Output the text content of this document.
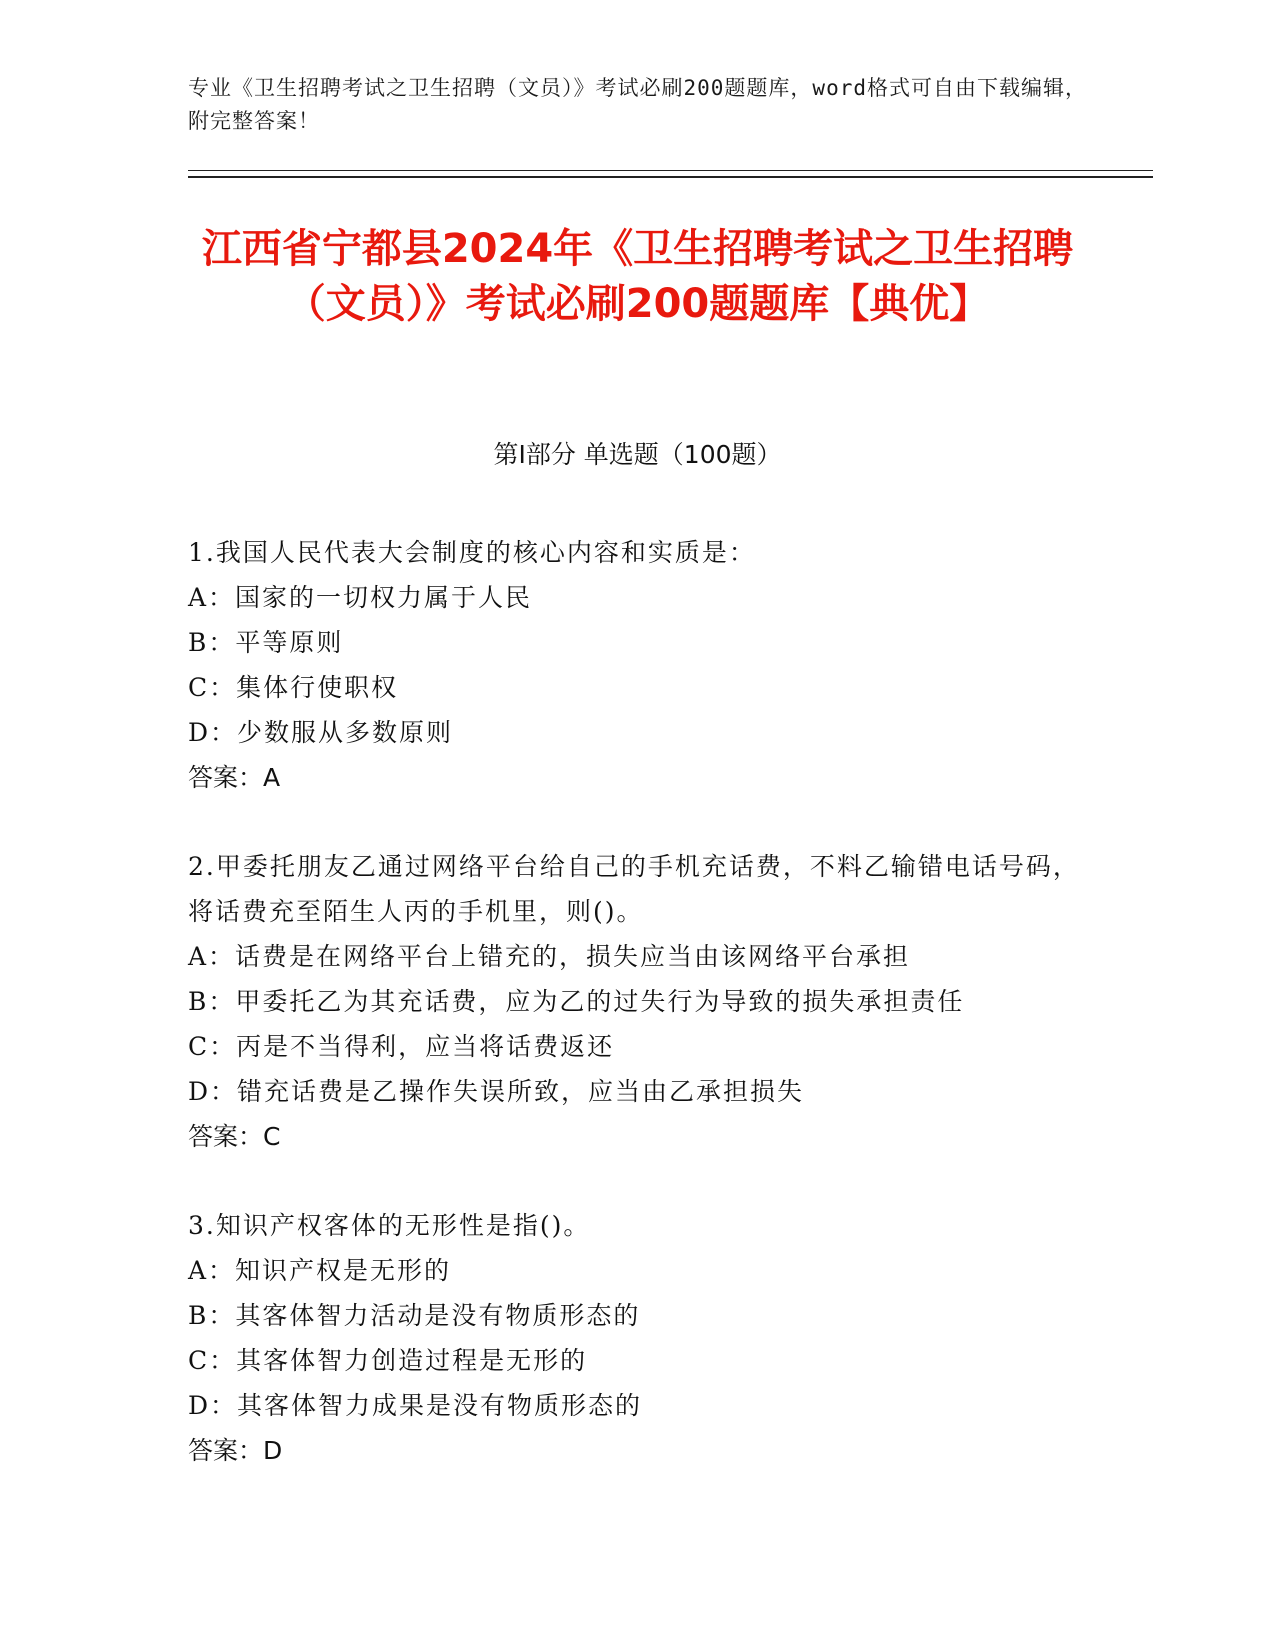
专业《卫生招聘考试之卫生招聘（文员）》考试必刷200题题库，word格式可自由下载编辑，附完整答案！
江西省宁都县2024年《卫生招聘考试之卫生招聘（文员）》考试必刷200题题库【典优】
第Ⅰ部分 单选题（100题）
1.我国人民代表大会制度的核心内容和实质是：
A：国家的一切权力属于人民
B：平等原则
C：集体行使职权
D：少数服从多数原则
答案：A
2.甲委托朋友乙通过网络平台给自己的手机充话费，不料乙输错电话号码，将话费充至陌生人丙的手机里，则()。
A：话费是在网络平台上错充的，损失应当由该网络平台承担
B：甲委托乙为其充话费，应为乙的过失行为导致的损失承担责任
C：丙是不当得利，应当将话费返还
D：错充话费是乙操作失误所致，应当由乙承担损失
答案：C
3.知识产权客体的无形性是指()。
A：知识产权是无形的
B：其客体智力活动是没有物质形态的
C：其客体智力创造过程是无形的
D：其客体智力成果是没有物质形态的
答案：D
